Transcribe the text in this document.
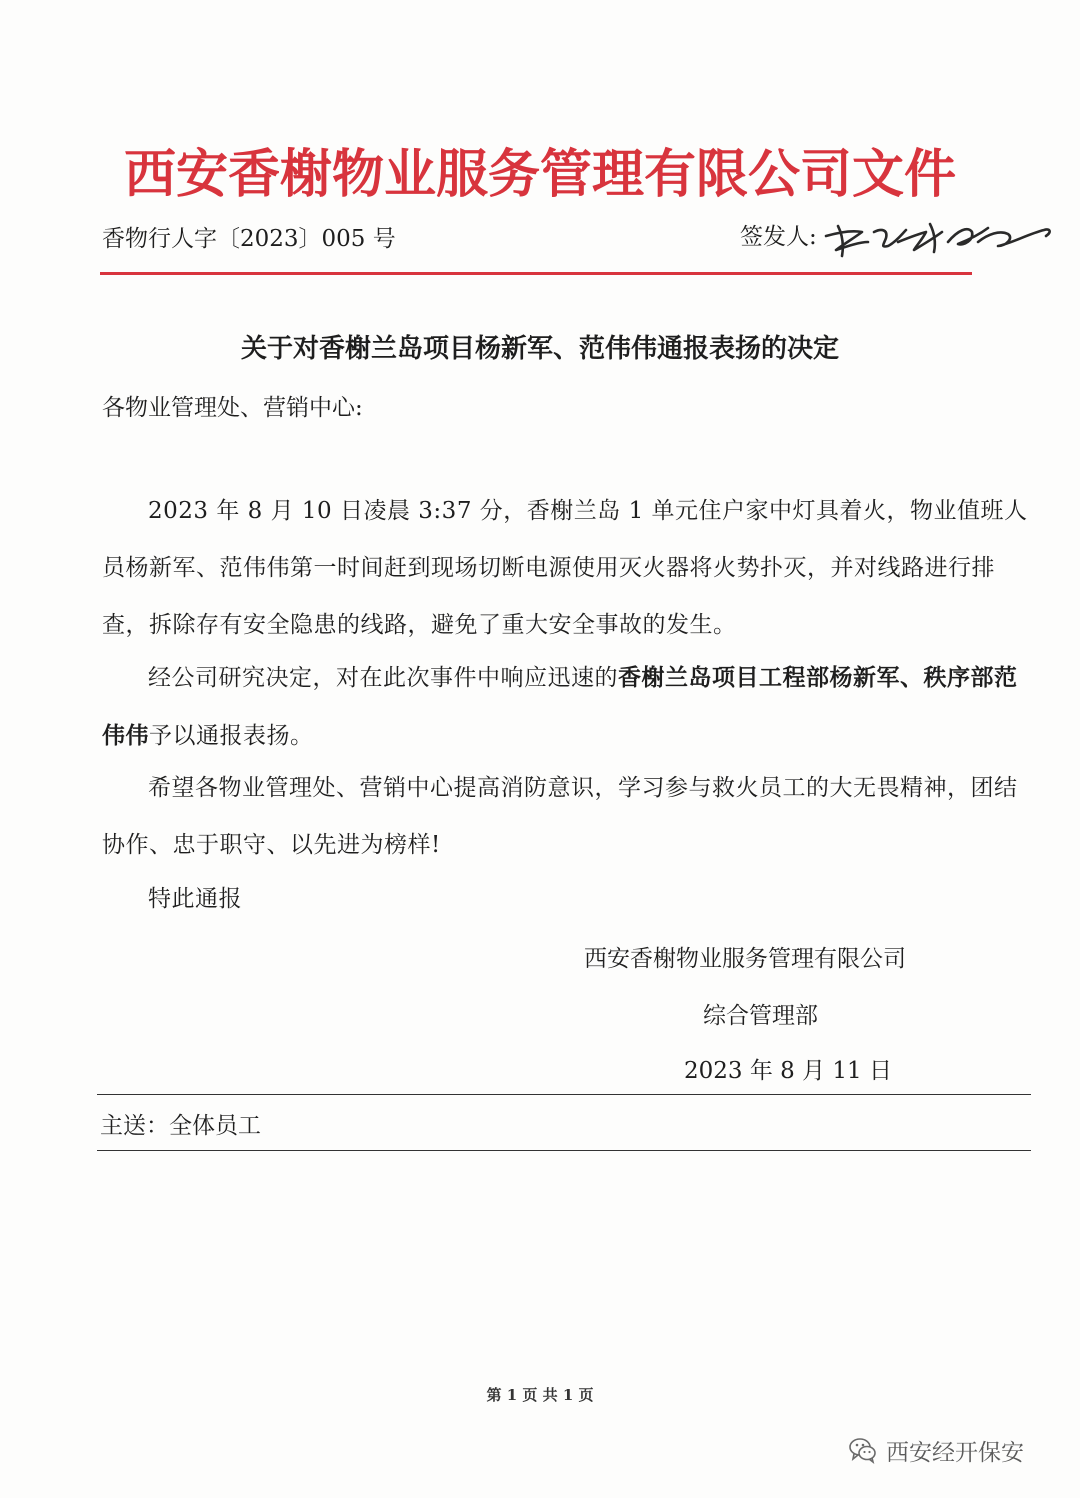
西安香榭物业服务管理有限公司文件
香物行人字〔2023〕005 号	签发人:
关于对香榭兰岛项目杨新军、范伟伟通报表扬的决定
各物业管理处、营销中心:
2023 年 8 月 10 日凌晨 3:37 分，香榭兰岛 1 单元住户家中灯具着火，物业值班人员杨新军、范伟伟第一时间赶到现场切断电源使用灭火器将火势扑灭，并对线路进行排查，拆除存有安全隐患的线路，避免了重大安全事故的发生。
经公司研究决定，对在此次事件中响应迅速的香榭兰岛项目工程部杨新军、秩序部范伟伟予以通报表扬。
希望各物业管理处、营销中心提高消防意识，学习参与救火员工的大无畏精神，团结协作、忠于职守、以先进为榜样!
特此通报
西安香榭物业服务管理有限公司
综合管理部
2023 年 8 月 11 日
主送：全体员工
第 1 页 共 1 页
西安经开保安
